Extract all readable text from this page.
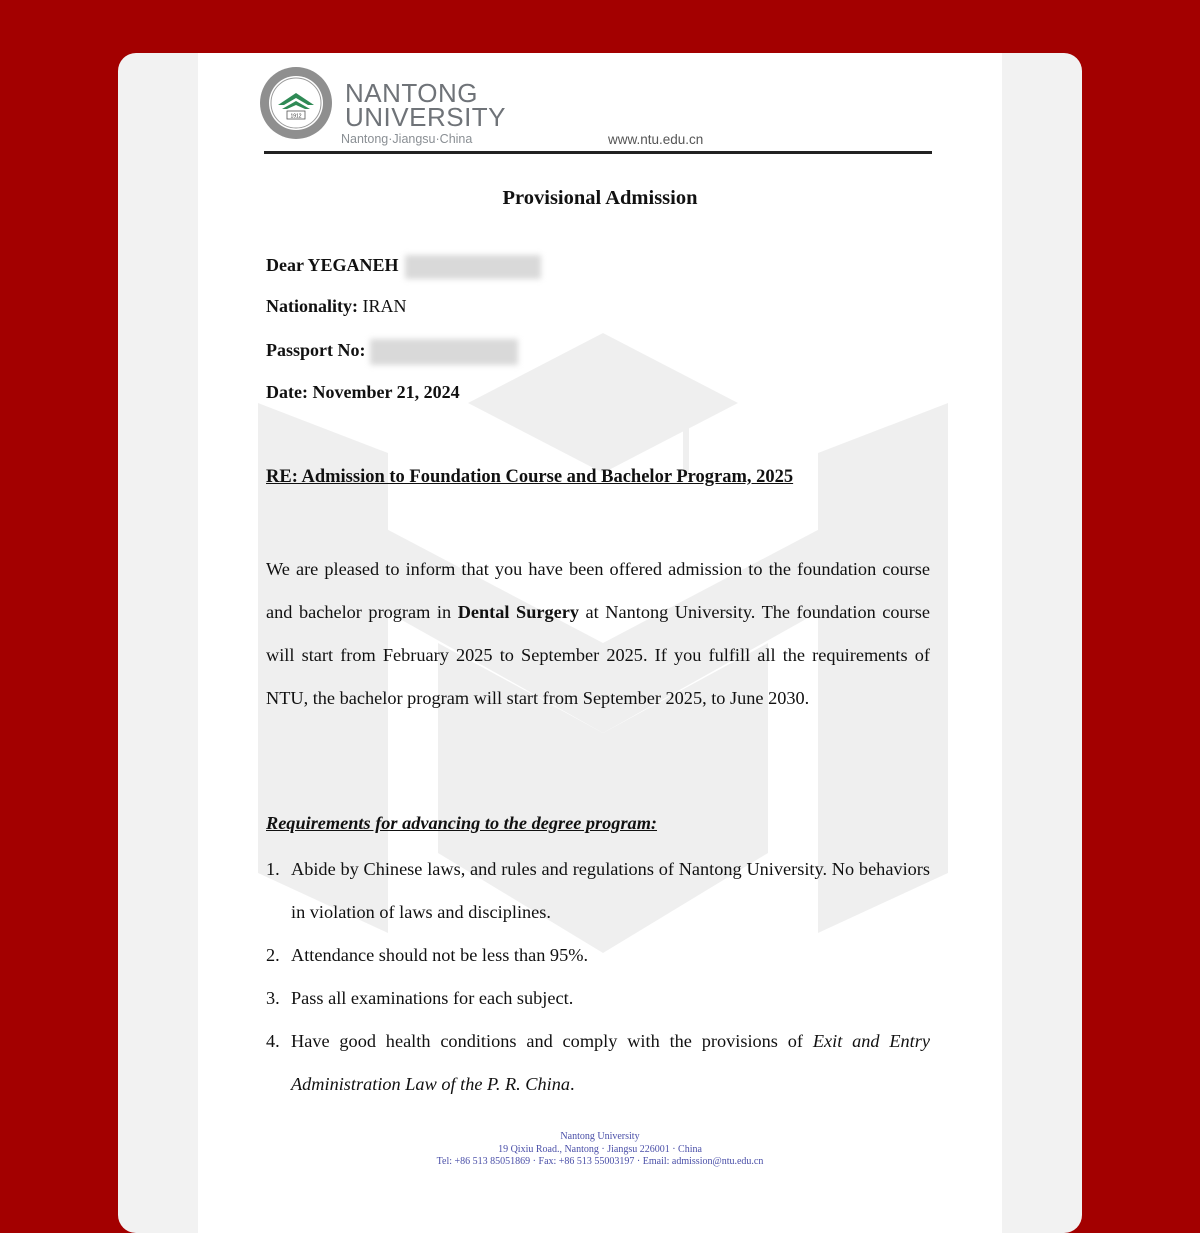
1912
NANTONG
UNIVERSITY
Nantong·Jiangsu·China	www.ntu.edu.cn
Provisional Admission
Dear YEGANEH
Nationality: IRAN
Passport No:
Date: November 21, 2024
RE: Admission to Foundation Course and Bachelor Program, 2025
We are pleased to inform that you have been offered admission to the foundation course and bachelor program in Dental Surgery at Nantong University. The foundation course will start from February 2025 to September 2025. If you fulfill all the requirements of NTU, the bachelor program will start from September 2025, to June 2030.
Requirements for advancing to the degree program:
1. Abide by Chinese laws, and rules and regulations of Nantong University. No behaviors in violation of laws and disciplines.
2. Attendance should not be less than 95%.
3. Pass all examinations for each subject.
4. Have good health conditions and comply with the provisions of Exit and Entry Administration Law of the P. R. China.
Nantong University
19 Qixiu Road., Nantong · Jiangsu 226001 · China
Tel: +86 513 85051869 · Fax: +86 513 55003197 · Email: admission@ntu.edu.cn
